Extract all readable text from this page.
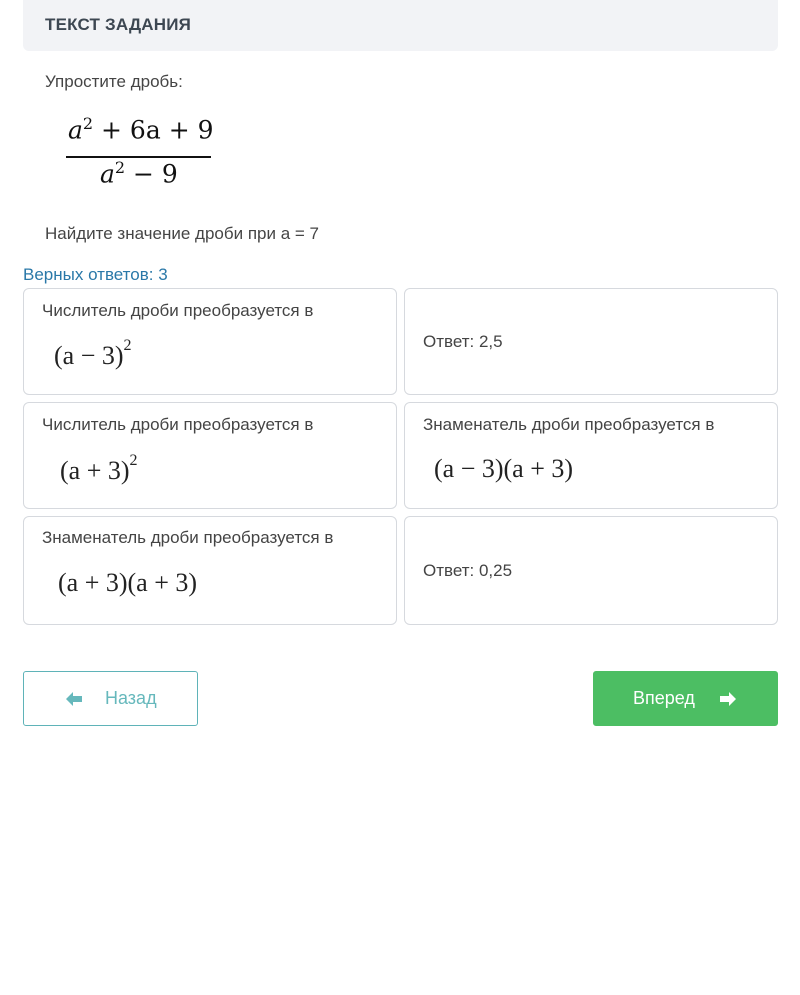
ТЕКСТ ЗАДАНИЯ
Упростите дробь:
$a^2 + 6a + 9$
$a^2 - 9$
Найдите значение дроби при а = 7
Верных ответов: 3
Числитель дроби преобразуется в
$(a - 3)^2$	Ответ: 2,5
Числитель дроби преобразуется в
$(a + 3)^2$
Знаменатель дроби преобразуется в
(a − 3)(a + 3)
Знаменатель дроби преобразуется в
(a + 3)(a + 3)	Ответ: 0,25
Назад	Вперед
